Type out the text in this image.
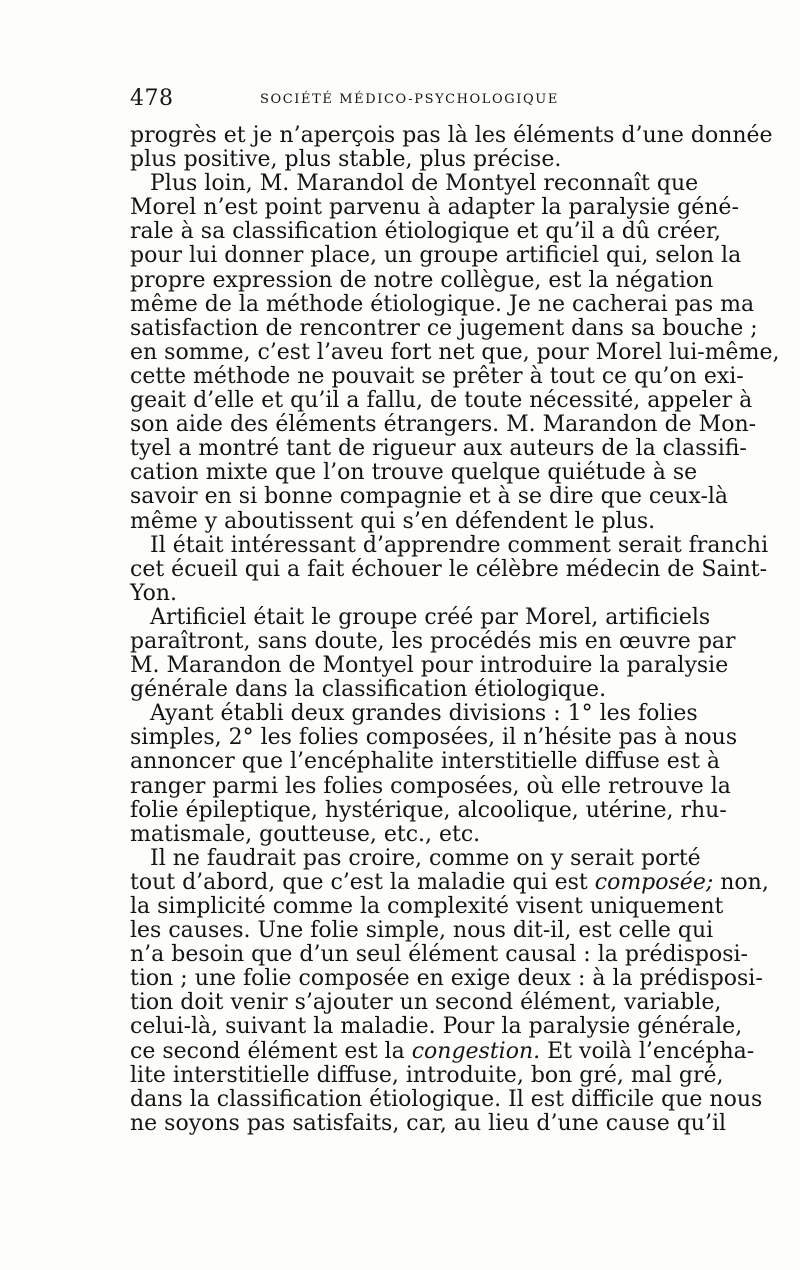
478	SOCIÉTÉ MÉDICO-PSYCHOLOGIQUE
progrès et je n’aperçois pas là les éléments d’une donnée
plus positive, plus stable, plus précise.
Plus loin, M. Marandol de Montyel reconnaît que
Morel n’est point parvenu à adapter la paralysie géné-
rale à sa classification étiologique et qu’il a dû créer,
pour lui donner place, un groupe artificiel qui, selon la
propre expression de notre collègue, est la négation
même de la méthode étiologique. Je ne cacherai pas ma
satisfaction de rencontrer ce jugement dans sa bouche ;
en somme, c’est l’aveu fort net que, pour Morel lui-même,
cette méthode ne pouvait se prêter à tout ce qu’on exi-
geait d’elle et qu’il a fallu, de toute nécessité, appeler à
son aide des éléments étrangers. M. Marandon de Mon-
tyel a montré tant de rigueur aux auteurs de la classifi-
cation mixte que l’on trouve quelque quiétude à se
savoir en si bonne compagnie et à se dire que ceux-là
même y aboutissent qui s’en défendent le plus.
Il était intéressant d’apprendre comment serait franchi
cet écueil qui a fait échouer le célèbre médecin de Saint-
Yon.
Artificiel était le groupe créé par Morel, artificiels
paraîtront, sans doute, les procédés mis en œuvre par
M. Marandon de Montyel pour introduire la paralysie
générale dans la classification étiologique.
Ayant établi deux grandes divisions : 1° les folies
simples, 2° les folies composées, il n’hésite pas à nous
annoncer que l’encéphalite interstitielle diffuse est à
ranger parmi les folies composées, où elle retrouve la
folie épileptique, hystérique, alcoolique, utérine, rhu-
matismale, goutteuse, etc., etc.
Il ne faudrait pas croire, comme on y serait porté
tout d’abord, que c’est la maladie qui est composée; non,
la simplicité comme la complexité visent uniquement
les causes. Une folie simple, nous dit-il, est celle qui
n’a besoin que d’un seul élément causal : la prédisposi-
tion ; une folie composée en exige deux : à la prédisposi-
tion doit venir s’ajouter un second élément, variable,
celui-là, suivant la maladie. Pour la paralysie générale,
ce second élément est la congestion. Et voilà l’encépha-
lite interstitielle diffuse, introduite, bon gré, mal gré,
dans la classification étiologique. Il est difficile que nous
ne soyons pas satisfaits, car, au lieu d’une cause qu’il
